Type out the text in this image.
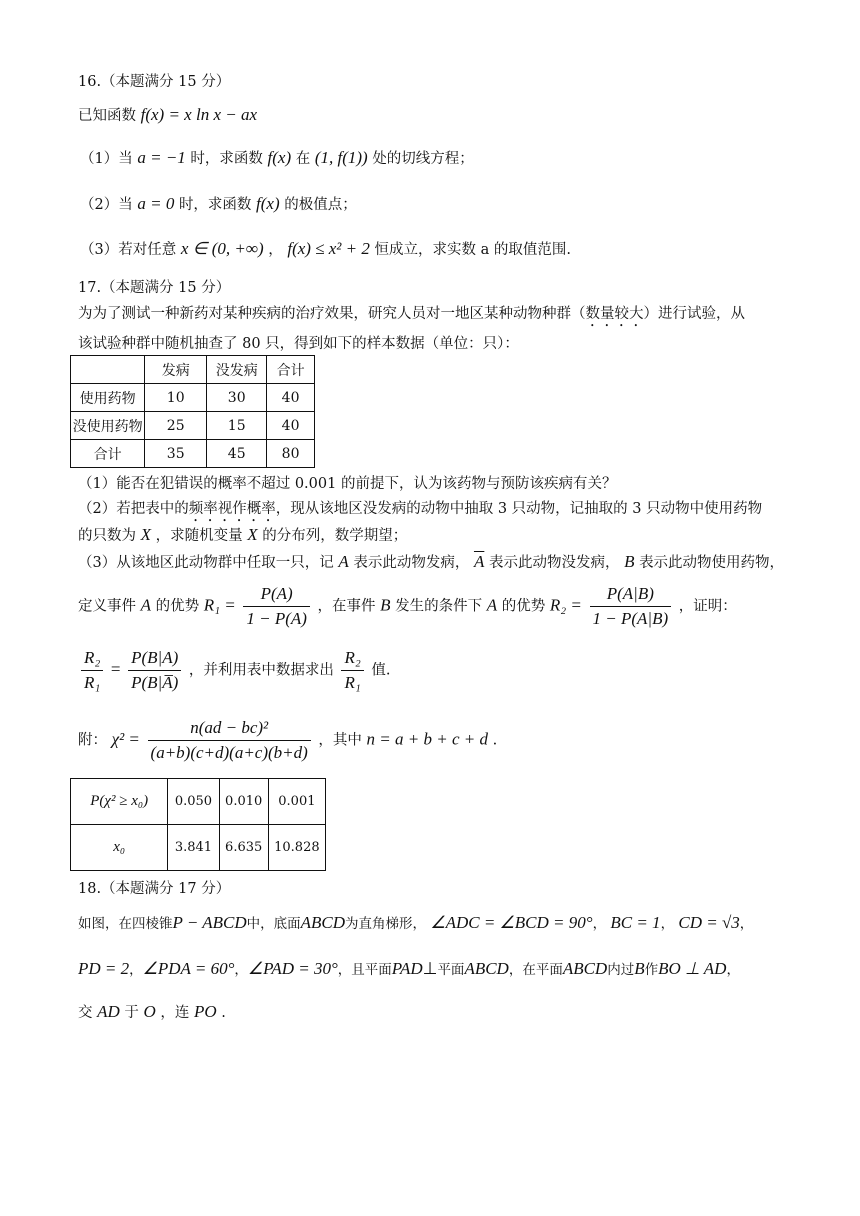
16.（本题满分 15 分）
已知函数 f(x) = x ln x − ax
（1）当 a = −1 时，求函数 f(x) 在 (1, f(1)) 处的切线方程；
（2）当 a = 0 时，求函数 f(x) 的极值点；
（3）若对任意 x ∈ (0, +∞) ， f(x) ≤ x² + 2 恒成立，求实数 a 的取值范围.
17.（本题满分 15 分）
为为了测试一种新药对某种疾病的治疗效果，研究人员对一地区某种动物种群（数量较大）进行试验，从
该试验种群中随机抽查了 80 只，得到如下的样本数据（单位：只）：
	发病	没发病	合计
使用药物	10	30	40
没使用药物	25	15	40
合计	35	45	80
（1）能否在犯错误的概率不超过 0.001 的前提下，认为该药物与预防该疾病有关？
（2）若把表中的频率视作概率，现从该地区没发病的动物中抽取 3 只动物，记抽取的 3 只动物中使用药物
的只数为 X ，求随机变量 X 的分布列，数学期望；
（3）从该地区此动物群中任取一只，记 A 表示此动物发病， $\overline{A}$ 表示此动物没发病， B 表示此动物使用药物，
定义事件 A 的优势 $R_1 = \frac{P(A)}{1 - P(A)}$ ，在事件 B 发生的条件下 A 的优势 $R_2 = \frac{P(A|B)}{1 - P(A|B)}$ ，证明：
$\frac{\text{R₂}}{\text{R₁}} = \frac{P(B|A)}{P(B|A̅)}$ ，并利用表中数据求出 $\frac{\text{R₂}}{\text{R₁}}$ 值.
附： $\chi^2 = \frac{\text{n(ad − bc)²}}{(a+b)(c+d)(a+c)(b+d)}$ ，其中 n = a + b + c + d .
P(χ² ≥ x₀)	0.050	0.010	0.001
x₀	3.841	6.635	10.828
18.（本题满分 17 分）
如图，在四棱锥P − ABCD中，底面ABCD为直角梯形， ∠ADC = ∠BCD = 90°， BC = 1， CD = √3，
PD = 2，∠PDA = 60°，∠PAD = 30°，且平面PAD⊥平面ABCD，在平面ABCD内过B作BO ⊥ AD，
交 AD 于 O ，连 PO .
